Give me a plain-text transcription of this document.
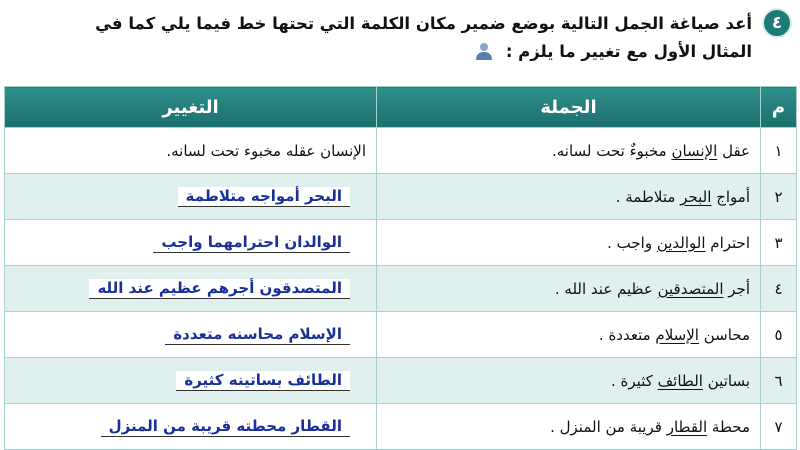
٤
أعد صياغة الجمل التالية بوضع ضمير مكان الكلمة التي تحتها خط فيما يلي كما في
المثال الأول مع تغيير ما يلزم :
م	الجملة	التغيير
١	عقل الإنسان مخبوءٌ تحت لسانه.	الإنسان عقله مخبوء تحت لسانه.
٢	أمواج البحر متلاطمة .	البحر أمواجه متلاطمة
٣	احترام الوالدين واجب .	الوالدان احترامهما واجب
٤	أجر المتصدقين عظيم عند الله .	المتصدقون أجرهم عظيم عند الله
٥	محاسن الإسلام متعددة .	الإسلام محاسنه متعددة
٦	بساتين الطائف كثيرة .	الطائف بساتينه كثيرة
٧	محطة القطار قريبة من المنزل .	القطار محطته قريبة من المنزل
